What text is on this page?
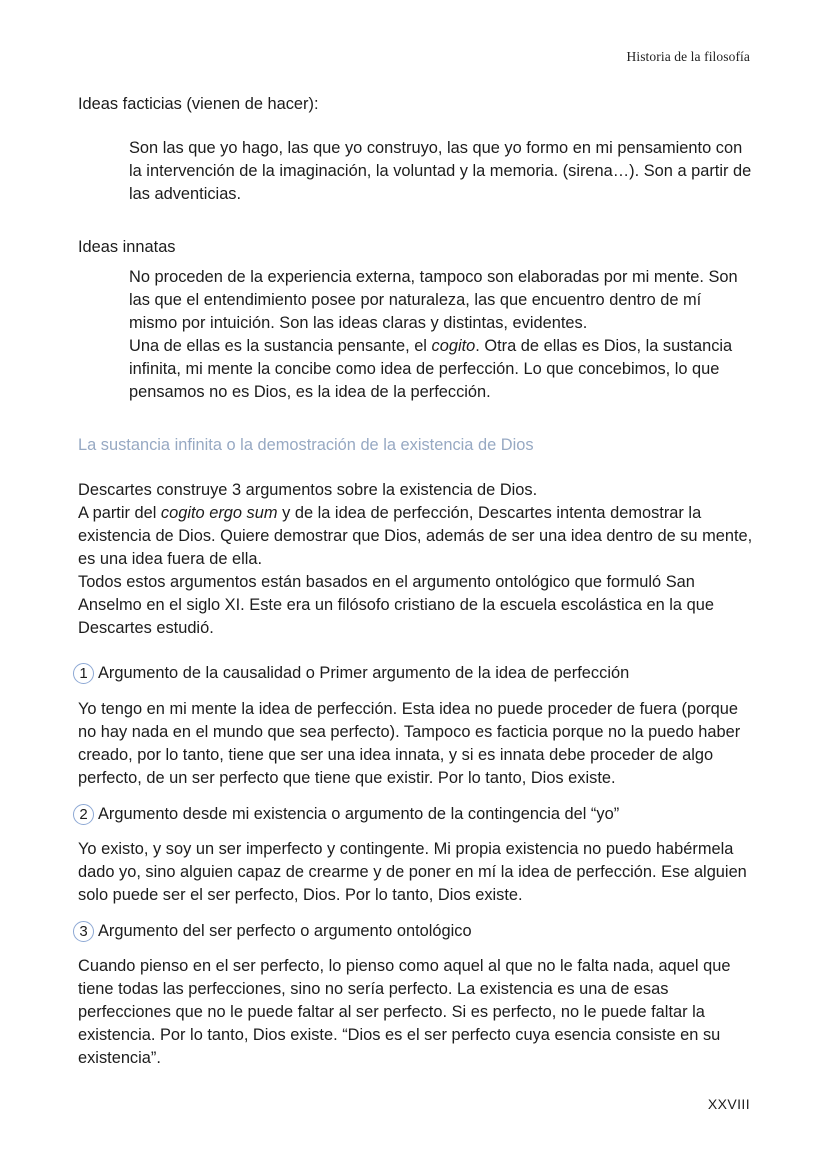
Historia de la filosofía

Ideas facticias (vienen de hacer):

Son las que yo hago, las que yo construyo, las que yo formo en mi pensamiento con la intervención de la imaginación, la voluntad y la memoria. (sirena…). Son a partir de las adventicias.

Ideas innatas

No proceden de la experiencia externa, tampoco son elaboradas por mi mente. Son las que el entendimiento posee por naturaleza, las que encuentro dentro de mí mismo por intuición. Son las ideas claras y distintas, evidentes.

Una de ellas es la sustancia pensante, el cogito. Otra de ellas es Dios, la sustancia infinita, mi mente la concibe como idea de perfección. Lo que concebimos, lo que pensamos no es Dios, es la idea de la perfección.

La sustancia infinita o la demostración de la existencia de Dios

Descartes construye 3 argumentos sobre la existencia de Dios.

A partir del cogito ergo sum y de la idea de perfección, Descartes intenta demostrar la existencia de Dios. Quiere demostrar que Dios, además de ser una idea dentro de su mente, es una idea fuera de ella.

Todos estos argumentos están basados en el argumento ontológico que formuló San Anselmo en el siglo XI. Este era un filósofo cristiano de la escuela escolástica en la que Descartes estudió.

1 Argumento de la causalidad o Primer argumento de la idea de perfección

Yo tengo en mi mente la idea de perfección. Esta idea no puede proceder de fuera (porque no hay nada en el mundo que sea perfecto). Tampoco es facticia porque no la puedo haber creado, por lo tanto, tiene que ser una idea innata, y si es innata debe proceder de algo perfecto, de un ser perfecto que tiene que existir. Por lo tanto, Dios existe.

2 Argumento desde mi existencia o argumento de la contingencia del “yo”

Yo existo, y soy un ser imperfecto y contingente. Mi propia existencia no puedo habérmela dado yo, sino alguien capaz de crearme y de poner en mí la idea de perfección. Ese alguien solo puede ser el ser perfecto, Dios. Por lo tanto, Dios existe.

3 Argumento del ser perfecto o argumento ontológico

Cuando pienso en el ser perfecto, lo pienso como aquel al que no le falta nada, aquel que tiene todas las perfecciones, sino no sería perfecto. La existencia es una de esas perfecciones que no le puede faltar al ser perfecto. Si es perfecto, no le puede faltar la existencia. Por lo tanto, Dios existe. “Dios es el ser perfecto cuya esencia consiste en su existencia”.

XXVIII
